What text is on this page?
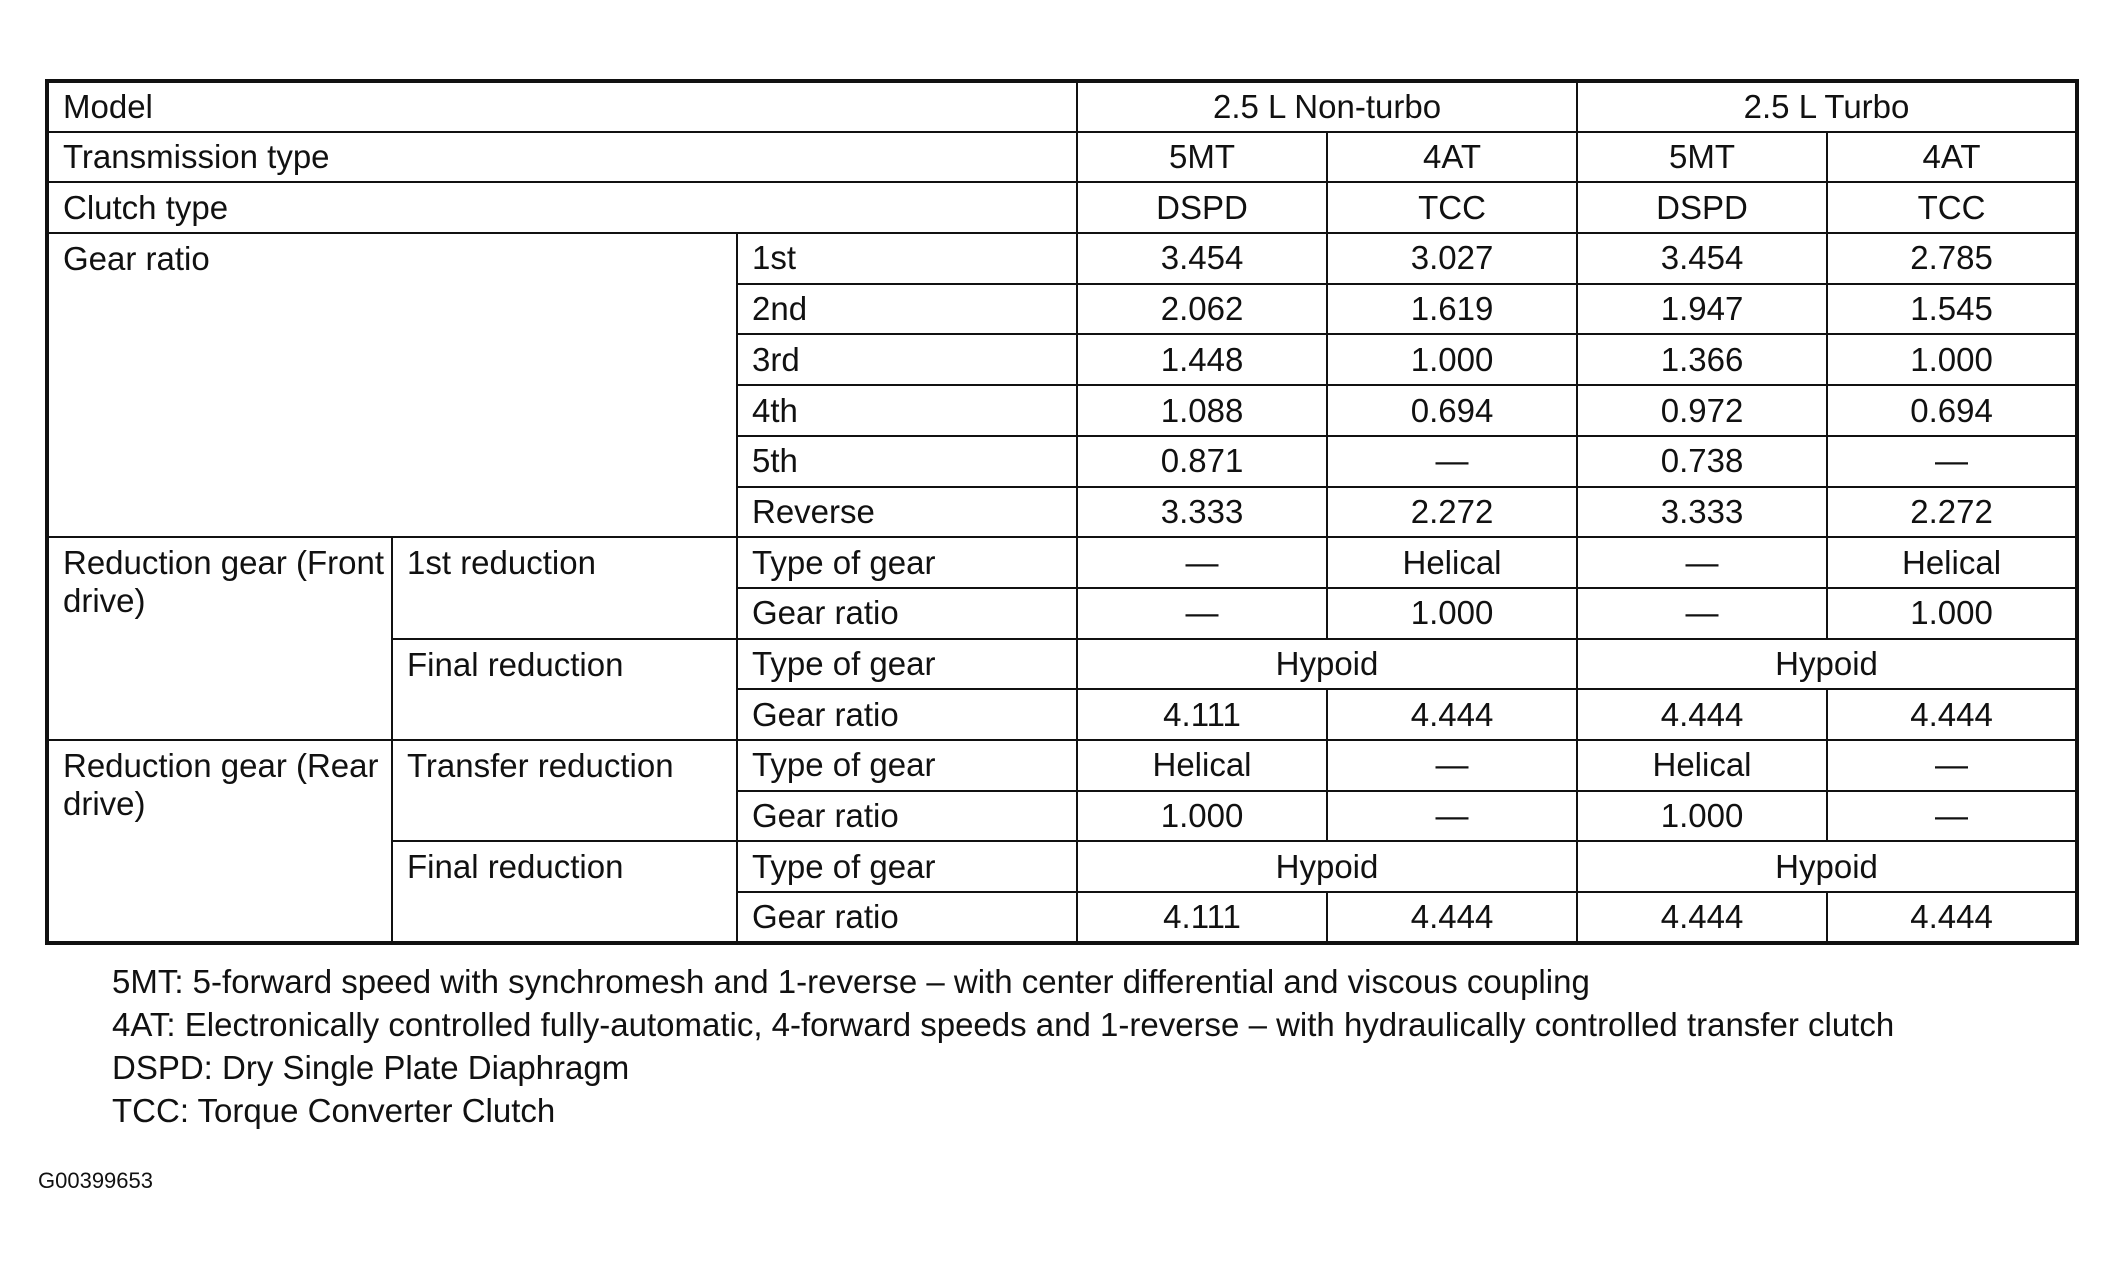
Model			2.5 L Non-turbo		2.5 L Turbo	
Transmission type			5MT	4AT	5MT	4AT
Clutch type			DSPD	TCC	DSPD	TCC
Gear ratio		1st	3.454	3.027	3.454	2.785
		2nd	2.062	1.619	1.947	1.545
		3rd	1.448	1.000	1.366	1.000
		4th	1.088	0.694	0.972	0.694
		5th	0.871	—	0.738	—
		Reverse	3.333	2.272	3.333	2.272
Reduction gear (Front drive)	1st reduction	Type of gear	—	Helical	—	Helical
		Gear ratio	—	1.000	—	1.000
	Final reduction	Type of gear	Hypoid		Hypoid	
		Gear ratio	4.111	4.444	4.444	4.444
Reduction gear (Rear drive)	Transfer reduction	Type of gear	Helical	—	Helical	—
		Gear ratio	1.000	—	1.000	—
	Final reduction	Type of gear	Hypoid		Hypoid	
		Gear ratio	4.111	4.444	4.444	4.444
5MT: 5-forward speed with synchromesh and 1-reverse – with center differential and viscous coupling
4AT: Electronically controlled fully-automatic, 4-forward speeds and 1-reverse – with hydraulically controlled transfer clutch
DSPD: Dry Single Plate Diaphragm
TCC: Torque Converter Clutch
G00399653
